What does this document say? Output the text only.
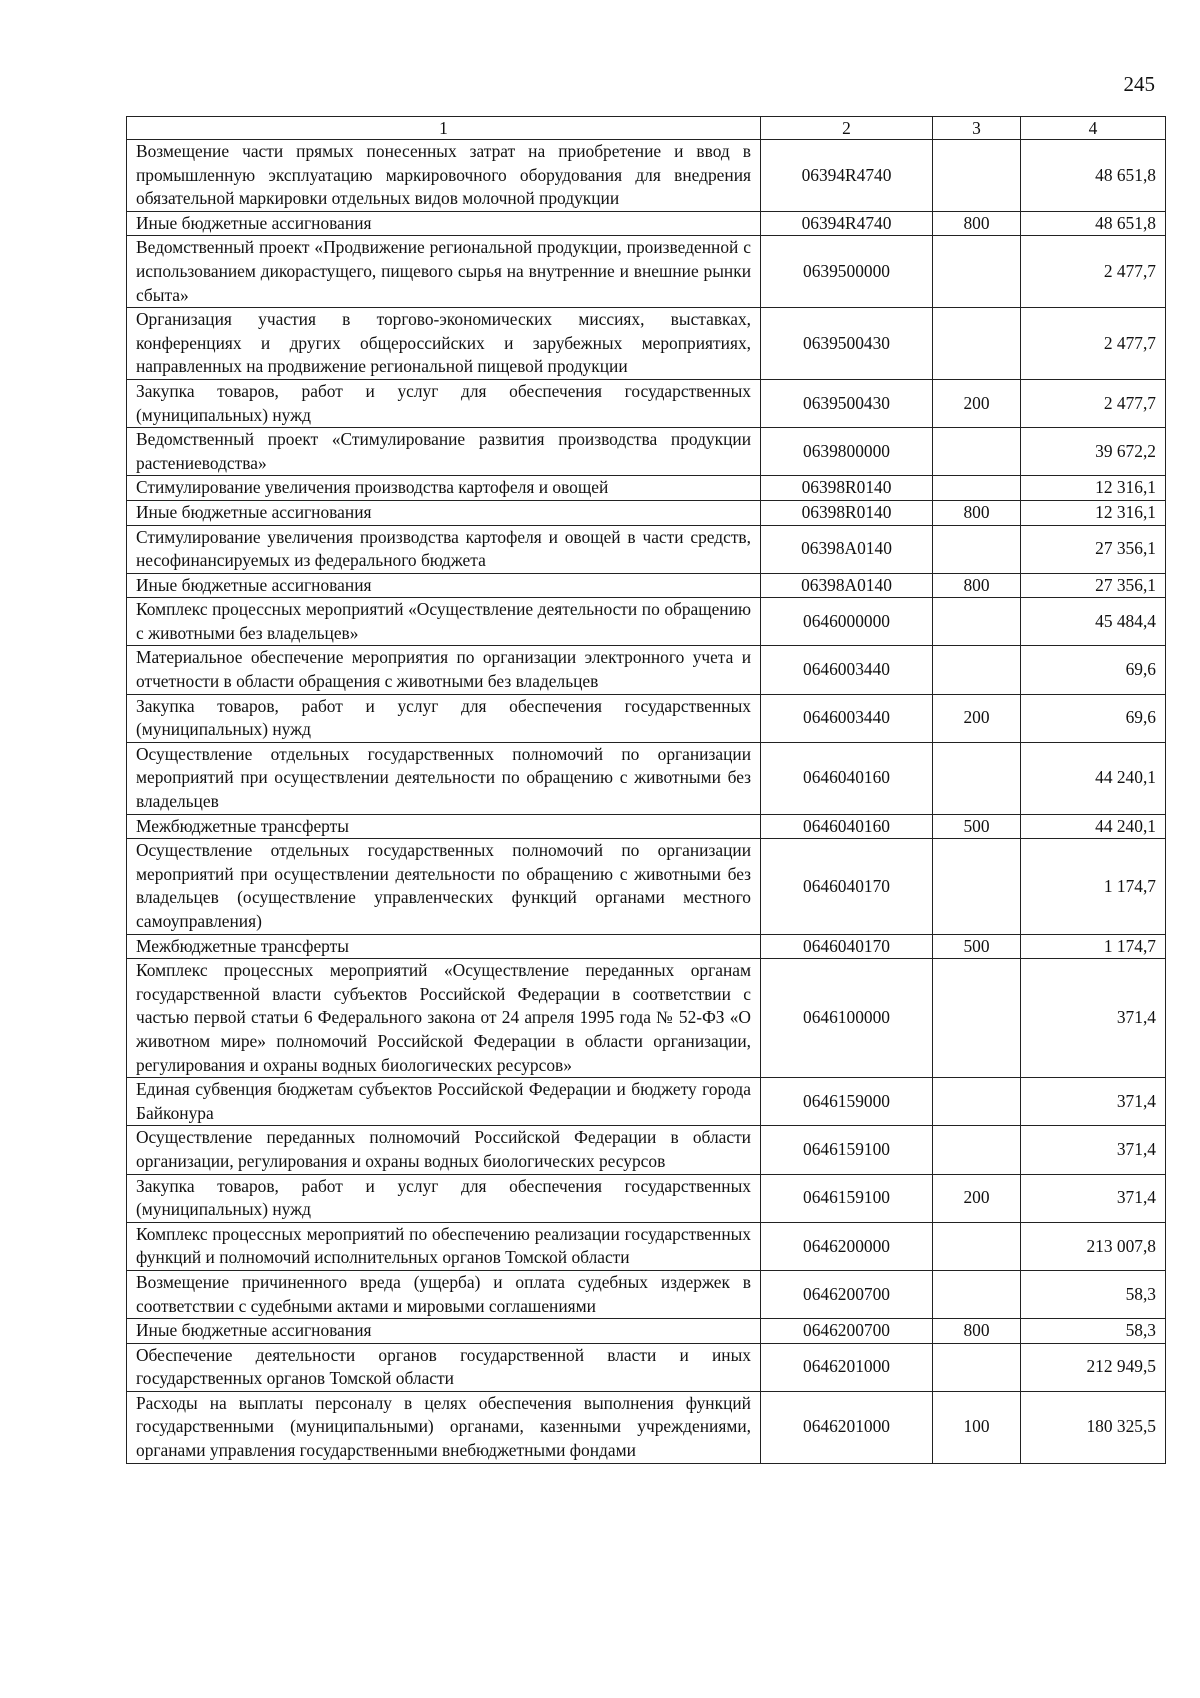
245
1	2	3	4
Возмещение части прямых понесенных затрат на приобретение и ввод в промышленную эксплуатацию маркировочного оборудования для внедрения обязательной маркировки отдельных видов молочной продукции	06394R4740		48 651,8
Иные бюджетные ассигнования	06394R4740	800	48 651,8
Ведомственный проект «Продвижение региональной продукции, произведенной с использованием дикорастущего, пищевого сырья на внутренние и внешние рынки сбыта»	0639500000		2 477,7
Организация участия в торгово-экономических миссиях, выставках, конференциях и других общероссийских и зарубежных мероприятиях, направленных на продвижение региональной пищевой продукции	0639500430		2 477,7
Закупка товаров, работ и услуг для обеспечения государственных (муниципальных) нужд	0639500430	200	2 477,7
Ведомственный проект «Стимулирование развития производства продукции растениеводства»	0639800000		39 672,2
Стимулирование увеличения производства картофеля и овощей	06398R0140		12 316,1
Иные бюджетные ассигнования	06398R0140	800	12 316,1
Стимулирование увеличения производства картофеля и овощей в части средств, несофинансируемых из федерального бюджета	06398A0140		27 356,1
Иные бюджетные ассигнования	06398A0140	800	27 356,1
Комплекс процессных мероприятий «Осуществление деятельности по обращению с животными без владельцев»	0646000000		45 484,4
Материальное обеспечение мероприятия по организации электронного учета и отчетности в области обращения с животными без владельцев	0646003440		69,6
Закупка товаров, работ и услуг для обеспечения государственных (муниципальных) нужд	0646003440	200	69,6
Осуществление отдельных государственных полномочий по организации мероприятий при осуществлении деятельности по обращению с животными без владельцев	0646040160		44 240,1
Межбюджетные трансферты	0646040160	500	44 240,1
Осуществление отдельных государственных полномочий по организации мероприятий при осуществлении деятельности по обращению с животными без владельцев (осуществление управленческих функций органами местного самоуправления)	0646040170		1 174,7
Межбюджетные трансферты	0646040170	500	1 174,7
Комплекс процессных мероприятий «Осуществление переданных органам государственной власти субъектов Российской Федерации в соответствии с частью первой статьи 6 Федерального закона от 24 апреля 1995 года № 52-ФЗ «О животном мире» полномочий Российской Федерации в области организации, регулирования и охраны водных биологических ресурсов»	0646100000		371,4
Единая субвенция бюджетам субъектов Российской Федерации и бюджету города Байконура	0646159000		371,4
Осуществление переданных полномочий Российской Федерации в области организации, регулирования и охраны водных биологических ресурсов	0646159100		371,4
Закупка товаров, работ и услуг для обеспечения государственных (муниципальных) нужд	0646159100	200	371,4
Комплекс процессных мероприятий по обеспечению реализации государственных функций и полномочий исполнительных органов Томской области	0646200000		213 007,8
Возмещение причиненного вреда (ущерба) и оплата судебных издержек в соответствии с судебными актами и мировыми соглашениями	0646200700		58,3
Иные бюджетные ассигнования	0646200700	800	58,3
Обеспечение деятельности органов государственной власти и иных государственных органов Томской области	0646201000		212 949,5
Расходы на выплаты персоналу в целях обеспечения выполнения функций государственными (муниципальными) органами, казенными учреждениями, органами управления государственными внебюджетными фондами	0646201000	100	180 325,5
